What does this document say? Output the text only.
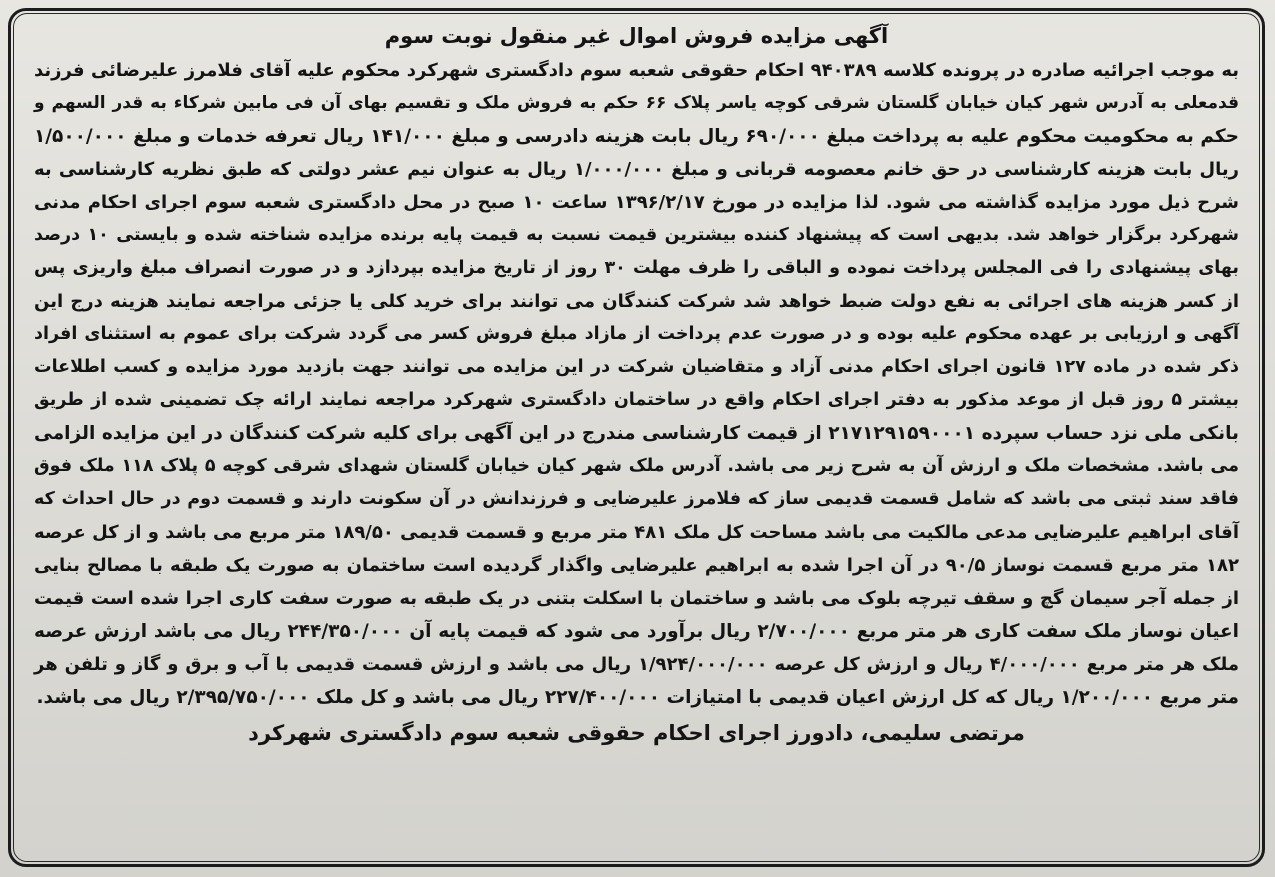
آگهی مزایده فروش اموال غیر منقول نوبت سوم
به موجب اجرائیه صادره در پرونده کلاسه ۹۴۰۳۸۹ احکام حقوقی شعبه سوم دادگستری شهرکرد محکوم علیه آقای فلامرز علیرضائی فرزند
قدمعلی به آدرس شهر کیان خیابان گلستان شرقی کوچه یاسر پلاک ۶۶ حکم به فروش ملک و تقسیم بهای آن فی مابین شرکاء به قدر السهم و
حکم به محکومیت محکوم علیه به پرداخت مبلغ ۶۹۰/۰۰۰ ریال بابت هزینه دادرسی و مبلغ ۱۴۱/۰۰۰ ریال تعرفه خدمات و مبلغ ۱/۵۰۰/۰۰۰
ریال بابت هزینه کارشناسی در حق خانم معصومه قربانی و مبلغ ۱/۰۰۰/۰۰۰ ریال به عنوان نیم عشر دولتی که طبق نظریه کارشناسی به
شرح ذیل مورد مزایده گذاشته می شود. لذا مزایده در مورخ ۱۳۹۶/۲/۱۷ ساعت ۱۰ صبح در محل دادگستری شعبه سوم اجرای احکام مدنی
شهرکرد برگزار خواهد شد. بدیهی است که پیشنهاد کننده بیشترین قیمت نسبت به قیمت پایه برنده مزایده شناخته شده و بایستی ۱۰ درصد
بهای پیشنهادی را فی المجلس پرداخت نموده و الباقی را ظرف مهلت ۳۰ روز از تاریخ مزایده بپردازد و در صورت انصراف مبلغ واریزی پس
از کسر هزینه های اجرائی به نفع دولت ضبط خواهد شد شرکت کنندگان می توانند برای خرید کلی یا جزئی مراجعه نمایند هزینه درج این
آگهی و ارزیابی بر عهده محکوم علیه بوده و در صورت عدم پرداخت از مازاد مبلغ فروش کسر می گردد شرکت برای عموم به استثنای افراد
ذکر شده در ماده ۱۲۷ قانون اجرای احکام مدنی آزاد و متقاضیان شرکت در این مزایده می توانند جهت بازدید مورد مزایده و کسب اطلاعات
بیشتر ۵ روز قبل از موعد مذکور به دفتر اجرای احکام واقع در ساختمان دادگستری شهرکرد مراجعه نمایند ارائه چک تضمینی شده از طریق
بانکی ملی نزد حساب سپرده ۲۱۷۱۲۹۱۵۹۰۰۰۱ از قیمت کارشناسی مندرج در این آگهی برای کلیه شرکت کنندگان در این مزایده الزامی
می باشد. مشخصات ملک و ارزش آن به شرح زیر می باشد. آدرس ملک شهر کیان خیابان گلستان شهدای شرقی کوچه ۵ پلاک ۱۱۸ ملک فوق
فاقد سند ثبتی می باشد که شامل قسمت قدیمی ساز که فلامرز علیرضایی و فرزندانش در آن سکونت دارند و قسمت دوم در حال احداث که
آقای ابراهیم علیرضایی مدعی مالکیت می باشد مساحت کل ملک ۴۸۱ متر مربع و قسمت قدیمی ۱۸۹/۵۰ متر مربع می باشد و از کل عرصه
۱۸۲ متر مربع قسمت نوساز ۹۰/۵ در آن اجرا شده به ابراهیم علیرضایی واگذار گردیده است ساختمان به صورت یک طبقه با مصالح بنایی
از جمله آجر سیمان گچ و سقف تیرچه بلوک می باشد و ساختمان با اسکلت بتنی در یک طبقه به صورت سفت کاری اجرا شده است قیمت
اعیان نوساز ملک سفت کاری هر متر مربع ۲/۷۰۰/۰۰۰ ریال برآورد می شود که قیمت پایه آن ۲۴۴/۳۵۰/۰۰۰ ریال می باشد ارزش عرصه
ملک هر متر مربع ۴/۰۰۰/۰۰۰ ریال و ارزش کل عرصه ۱/۹۲۴/۰۰۰/۰۰۰ ریال می باشد و ارزش قسمت قدیمی با آب و برق و گاز و تلفن هر
متر مربع ۱/۲۰۰/۰۰۰ ریال که کل ارزش اعیان قدیمی با امتیازات ۲۲۷/۴۰۰/۰۰۰ ریال می باشد و کل ملک ۲/۳۹۵/۷۵۰/۰۰۰ ریال می باشد.
مرتضی سلیمی، دادورز اجرای احکام حقوقی شعبه سوم دادگستری شهرکرد
